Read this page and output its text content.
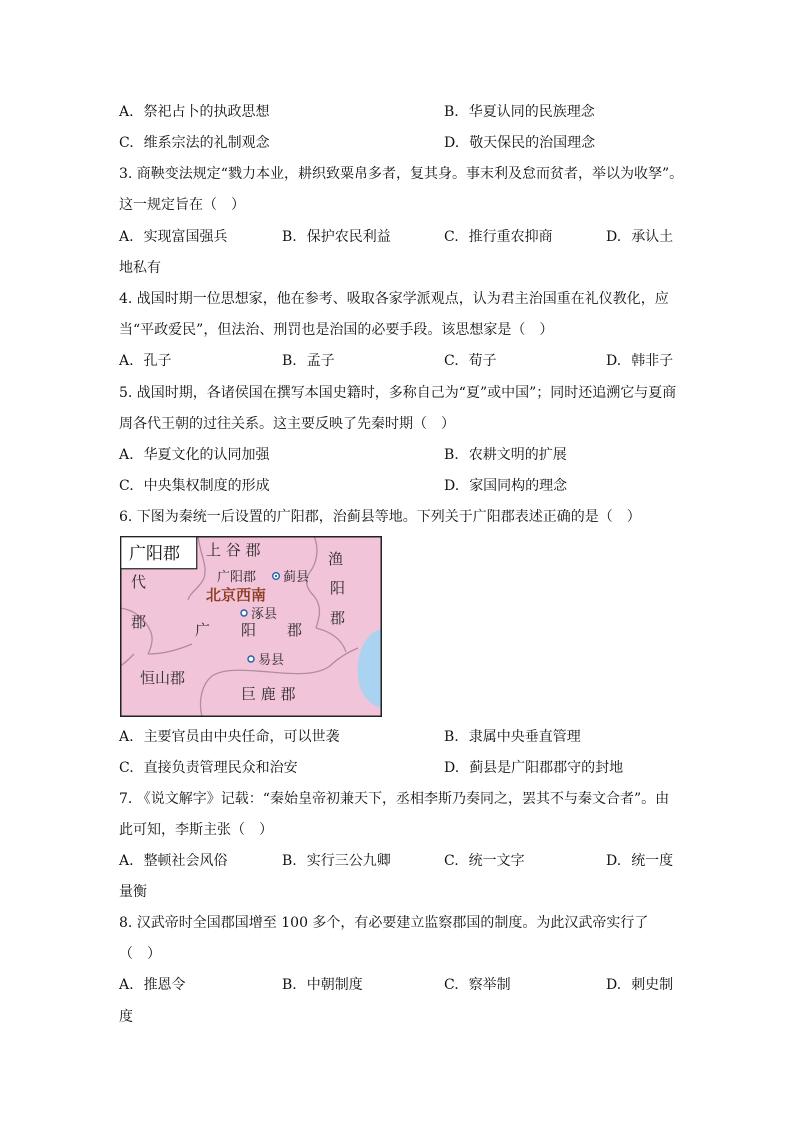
A. 祭祀占卜的执政思想	B. 华夏认同的民族理念
C. 维系宗法的礼制观念	D. 敬天保民的治国理念
3. 商鞅变法规定“戮力本业，耕织致粟帛多者，复其身。事末利及怠而贫者，举以为收孥”。
这一规定旨在（　）
A. 实现富国强兵	B. 保护农民利益	C. 推行重农抑商	D. 承认土
地私有
4. 战国时期一位思想家，他在参考、吸取各家学派观点，认为君主治国重在礼仪教化，应
当“平政爱民”，但法治、刑罚也是治国的必要手段。该思想家是（　）
A. 孔子	B. 孟子	C. 荀子	D. 韩非子
5. 战国时期，各诸侯国在撰写本国史籍时，多称自己为“夏”或中国”；同时还追溯它与夏商
周各代王朝的过往关系。这主要反映了先秦时期（　）
A. 华夏文化的认同加强	B. 农耕文明的扩展
C. 中央集权制度的形成	D. 家国同构的理念
6. 下图为秦统一后设置的广阳郡，治蓟县等地。下列关于广阳郡表述正确的是（　）
广阳郡 上 谷 郡	渔
阳
郡
代
郡
广阳郡 蓟县
北京西南
涿县
广 阳 郡
易县
恒山郡
巨 鹿 郡
A. 主要官员由中央任命，可以世袭	B. 隶属中央垂直管理
C. 直接负责管理民众和治安	D. 蓟县是广阳郡郡守的封地
7. 《说文解字》记载：“秦始皇帝初兼天下，丞相李斯乃奏同之，罢其不与秦文合者”。由
此可知，李斯主张（　）
A. 整顿社会风俗	B. 实行三公九卿	C. 统一文字	D. 统一度
量衡
8. 汉武帝时全国郡国增至 100 多个，有必要建立监察郡国的制度。为此汉武帝实行了
（　）
A. 推恩令	B. 中朝制度	C. 察举制	D. 刺史制
度
